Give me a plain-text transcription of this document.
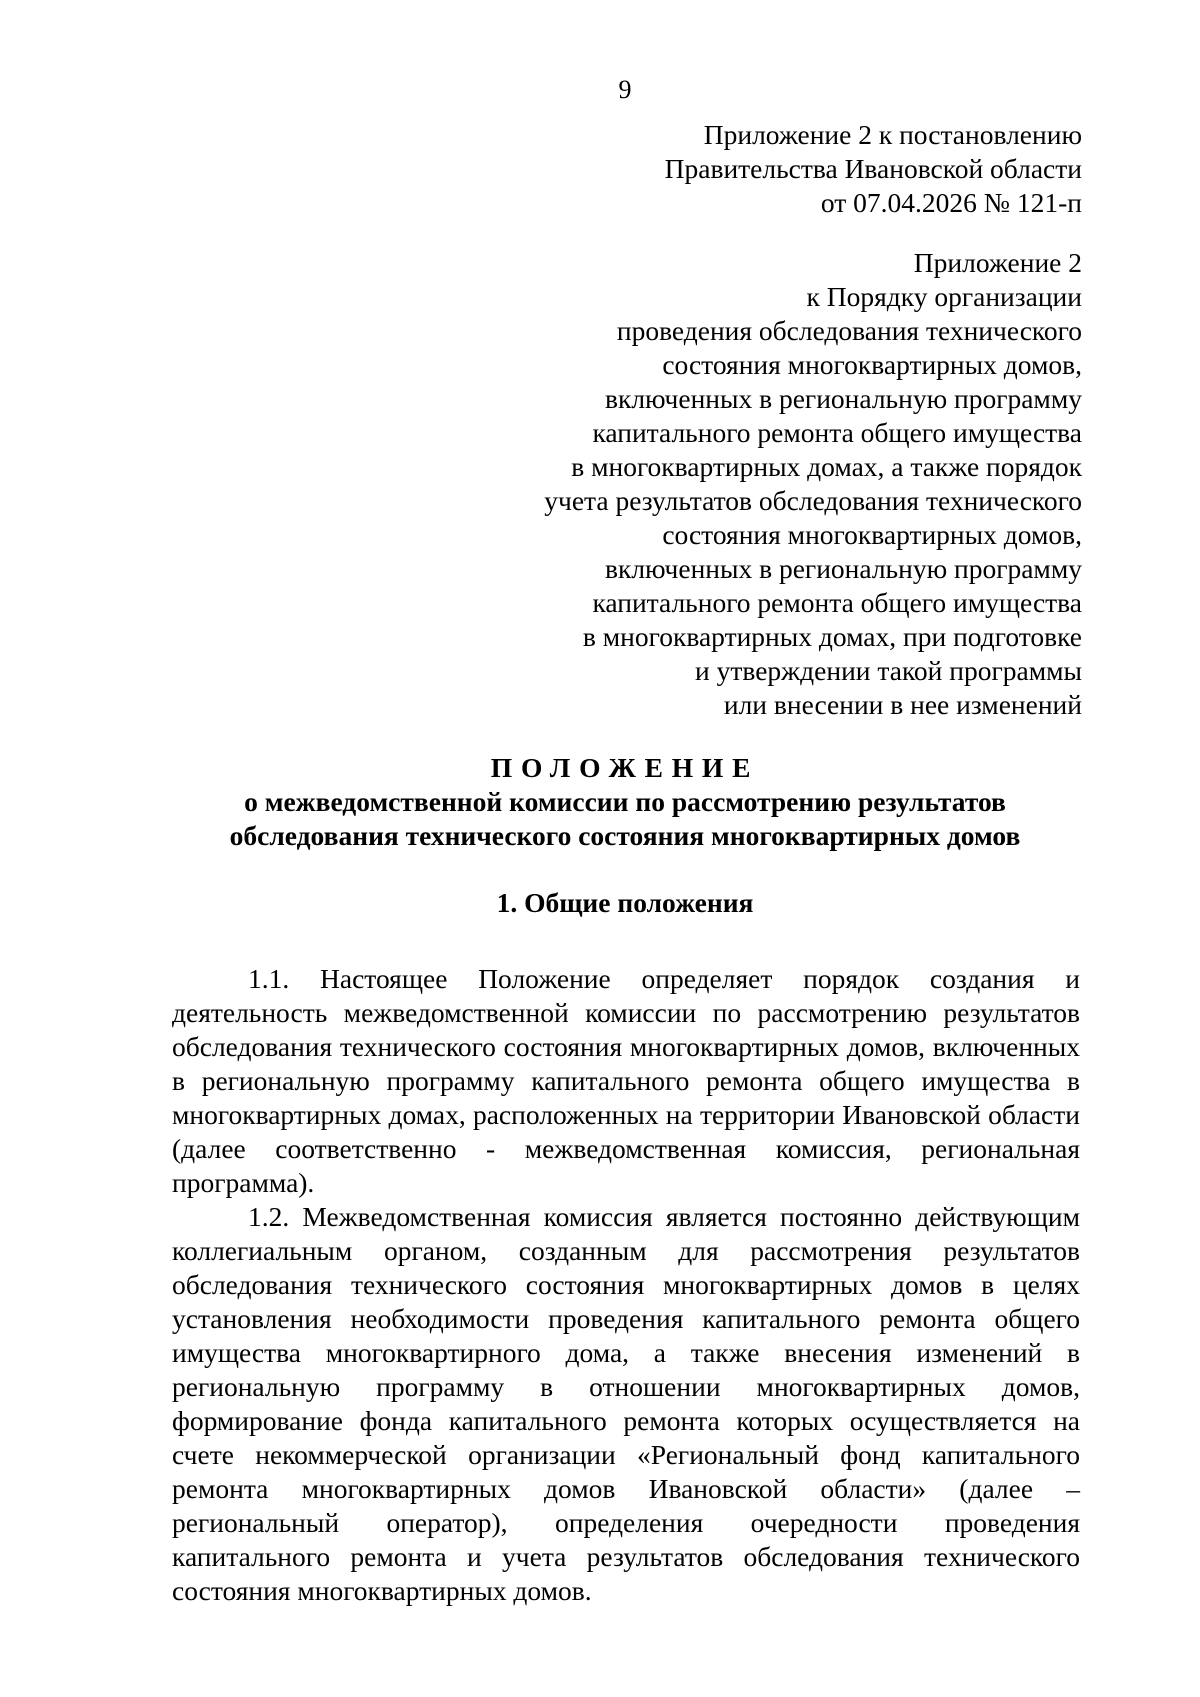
9
Приложение 2 к постановлению
Правительства Ивановской области
от 07.04.2026 № 121-п
Приложение 2
к Порядку организации
проведения обследования технического
состояния многоквартирных домов,
включенных в региональную программу
капитального ремонта общего имущества
в многоквартирных домах, а также порядок
учета результатов обследования технического
состояния многоквартирных домов,
включенных в региональную программу
капитального ремонта общего имущества
в многоквартирных домах, при подготовке
и утверждении такой программы
или внесении в нее изменений
ПОЛОЖЕНИЕ
о межведомственной комиссии по рассмотрению результатов
обследования технического состояния многоквартирных домов
1. Общие положения

1.1. Настоящее Положение определяет порядок создания и деятельность межведомственной комиссии по рассмотрению результатов обследования технического состояния многоквартирных домов, включенных в региональную программу капитального ремонта общего имущества в многоквартирных домах, расположенных на территории Ивановской области (далее соответственно - межведомственная комиссия, региональная программа).

1.2. Межведомственная комиссия является постоянно действующим коллегиальным органом, созданным для рассмотрения результатов обследования технического состояния многоквартирных домов в целях установления необходимости проведения капитального ремонта общего имущества многоквартирного дома, а также внесения изменений в региональную программу в отношении многоквартирных домов, формирование фонда капитального ремонта которых осуществляется на счете некоммерческой организации «Региональный фонд капитального ремонта многоквартирных домов Ивановской области» (далее – региональный оператор), определения очередности проведения капитального ремонта и учета результатов обследования технического состояния многоквартирных домов.
